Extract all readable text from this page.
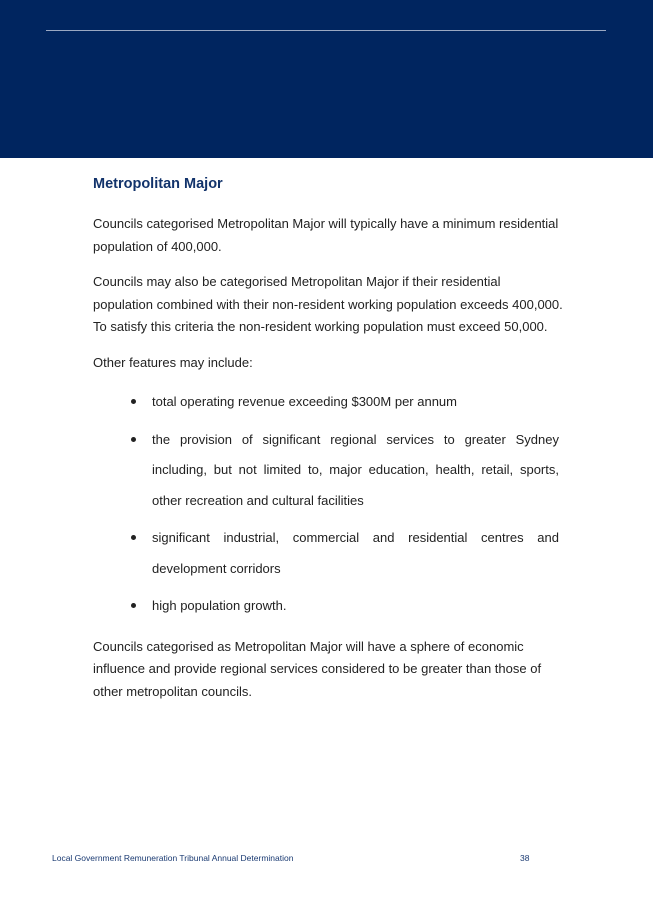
Metropolitan Major

Councils categorised Metropolitan Major will typically have a minimum residential population of 400,000.

Councils may also be categorised Metropolitan Major if their residential population combined with their non-resident working population exceeds 400,000. To satisfy this criteria the non-resident working population must exceed 50,000.

Other features may include:

total operating revenue exceeding $300M per annum
the provision of significant regional services to greater Sydney including, but not limited to, major education, health, retail, sports, other recreation and cultural facilities
significant industrial, commercial and residential centres and development corridors
high population growth.

Councils categorised as Metropolitan Major will have a sphere of economic influence and provide regional services considered to be greater than those of other metropolitan councils.

Local Government Remuneration Tribunal Annual Determination	38
